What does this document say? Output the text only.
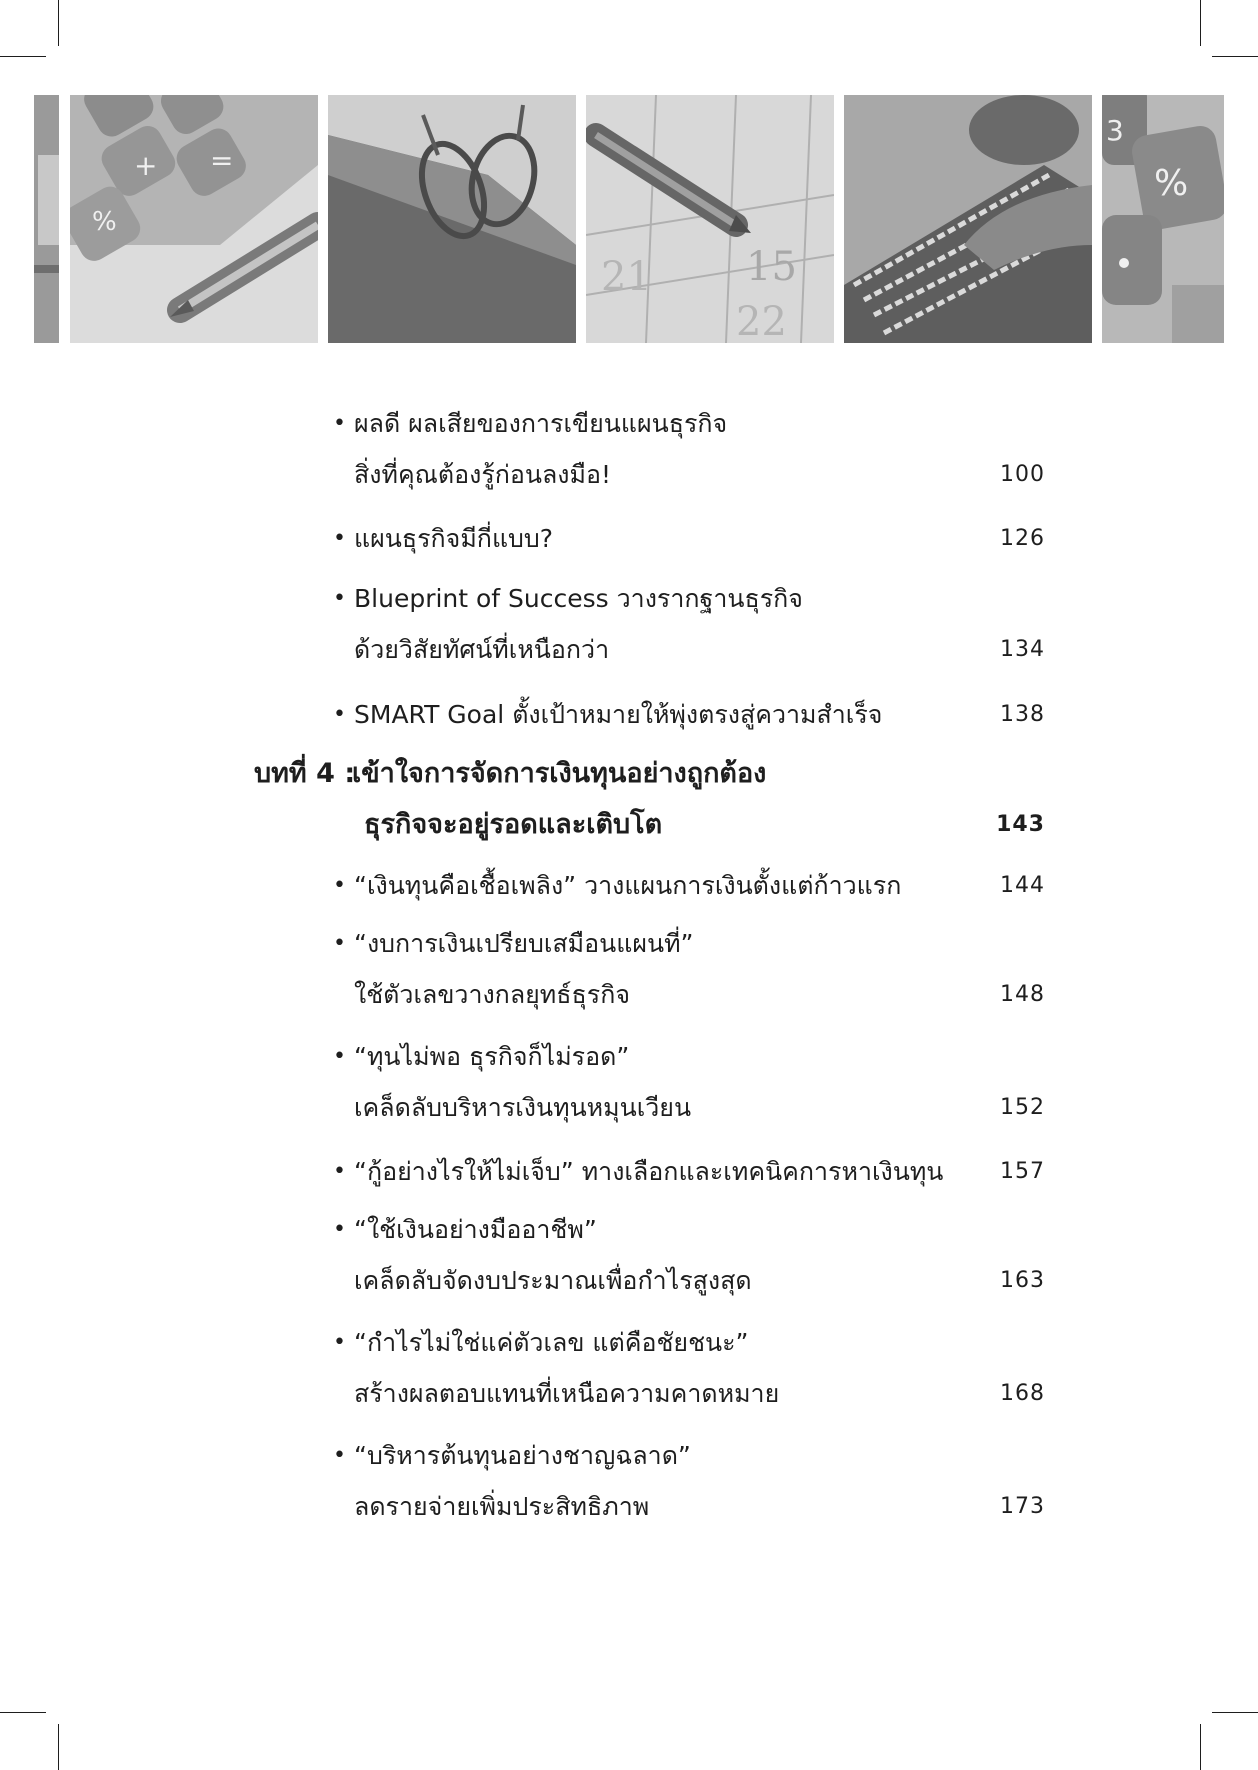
%
+ =
21 15
22
3
%
• ผลดี ผลเสียของการเขียนแผนธุรกิจ
สิ่งที่คุณต้องรู้ก่อนลงมือ!	100
• แผนธุรกิจมีกี่แบบ?	126
• Blueprint of Success วางรากฐานธุรกิจ
ด้วยวิสัยทัศน์ที่เหนือกว่า	134
• SMART Goal ตั้งเป้าหมายให้พุ่งตรงสู่ความสำเร็จ	138
บทที่ 4 :
เข้าใจการจัดการเงินทุนอย่างถูกต้อง
ธุรกิจจะอยู่รอดและเติบโต	143
• “เงินทุนคือเชื้อเพลิง” วางแผนการเงินตั้งแต่ก้าวแรก	144
• “งบการเงินเปรียบเสมือนแผนที่”
ใช้ตัวเลขวางกลยุทธ์ธุรกิจ	148
• “ทุนไม่พอ ธุรกิจก็ไม่รอด”
เคล็ดลับบริหารเงินทุนหมุนเวียน	152
• “กู้อย่างไรให้ไม่เจ็บ” ทางเลือกและเทคนิคการหาเงินทุน	157
• “ใช้เงินอย่างมืออาชีพ”
เคล็ดลับจัดงบประมาณเพื่อกำไรสูงสุด	163
• “กำไรไม่ใช่แค่ตัวเลข แต่คือชัยชนะ”
สร้างผลตอบแทนที่เหนือความคาดหมาย	168
• “บริหารต้นทุนอย่างชาญฉลาด”
ลดรายจ่ายเพิ่มประสิทธิภาพ	173
